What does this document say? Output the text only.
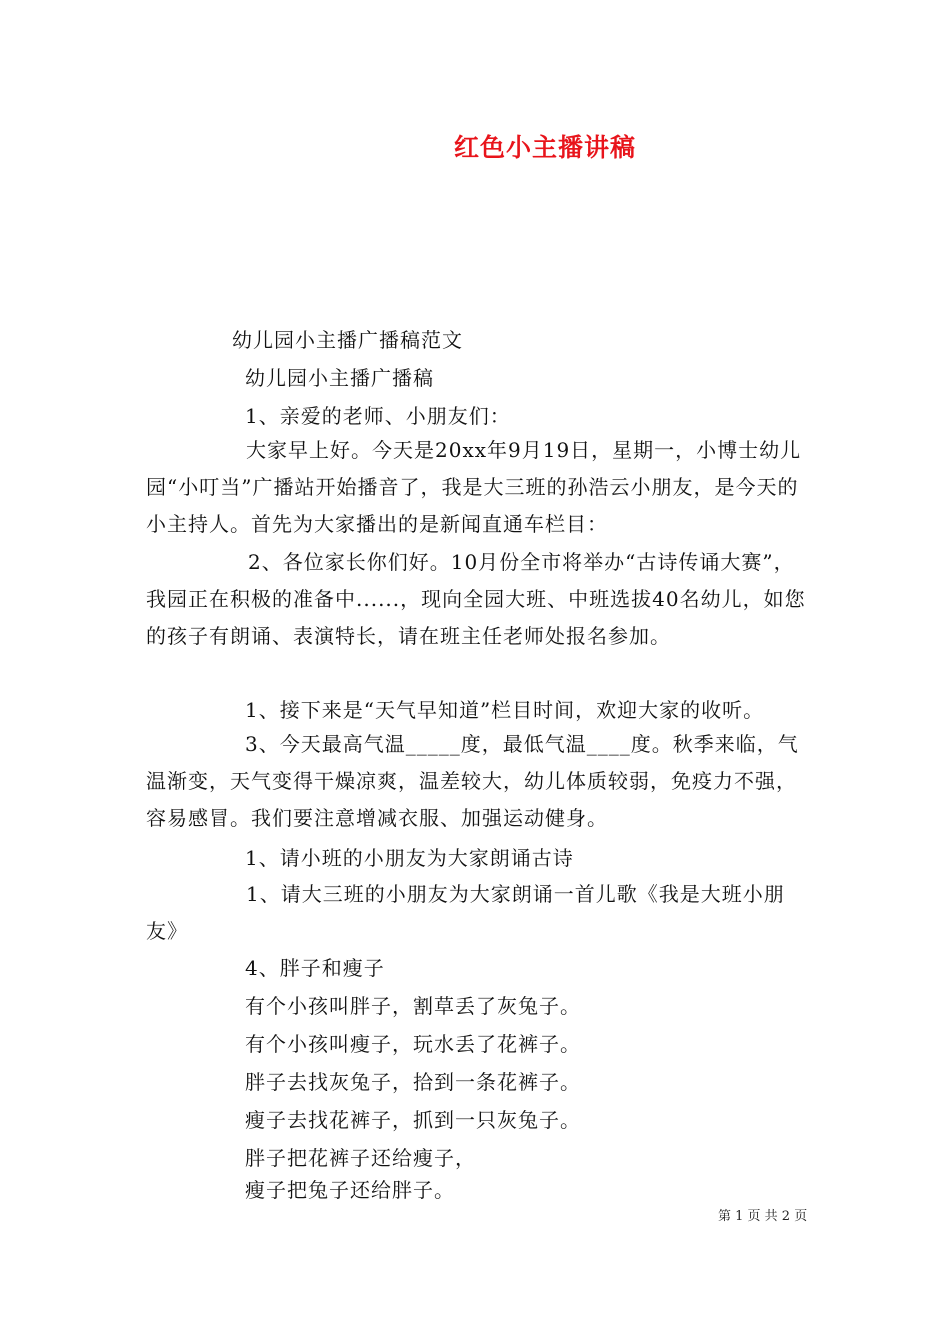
红色小主播讲稿

幼儿园小主播广播稿范文

幼儿园小主播广播稿

1、亲爱的老师、小朋友们：

大家早上好。今天是20xx年9月19日，星期一，小博士幼儿园“小叮当”广播站开始播音了，我是大三班的孙浩云小朋友，是今天的小主持人。首先为大家播出的是新闻直通车栏目：

2、各位家长你们好。10月份全市将举办“古诗传诵大赛”，我园正在积极的准备中......，现向全园大班、中班选拔40名幼儿，如您的孩子有朗诵、表演特长，请在班主任老师处报名参加。

1、接下来是“天气早知道”栏目时间，欢迎大家的收听。

3、今天最高气温_____度，最低气温____度。秋季来临，气温渐变，天气变得干燥凉爽，温差较大，幼儿体质较弱，免疫力不强，容易感冒。我们要注意增减衣服、加强运动健身。

1、请小班的小朋友为大家朗诵古诗

1、请大三班的小朋友为大家朗诵一首儿歌《我是大班小朋友》

4、胖子和瘦子

有个小孩叫胖子，割草丢了灰兔子。

有个小孩叫瘦子，玩水丢了花裤子。

胖子去找灰兔子，拾到一条花裤子。

瘦子去找花裤子，抓到一只灰兔子。

胖子把花裤子还给瘦子，

瘦子把兔子还给胖子。

第 1 页 共 2 页
